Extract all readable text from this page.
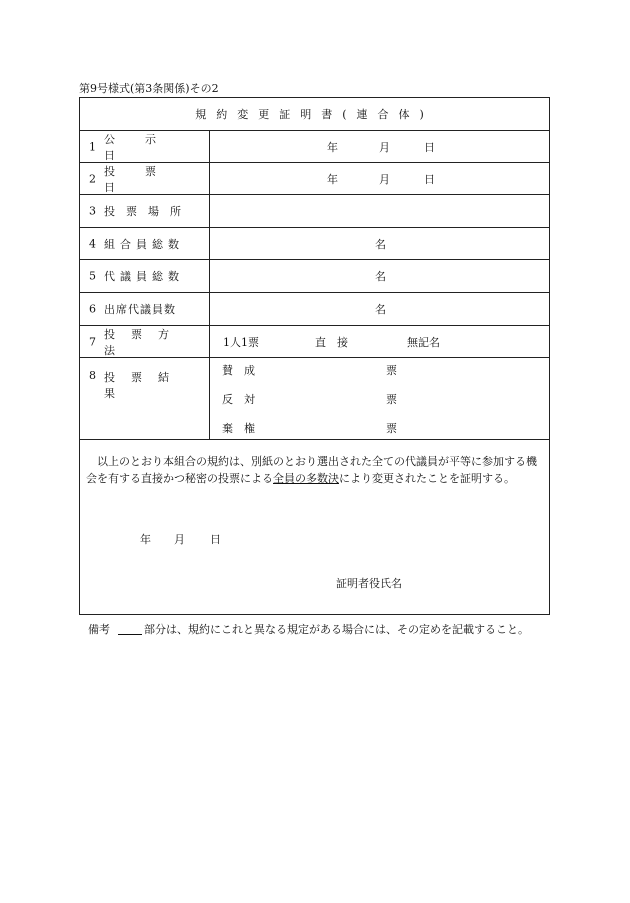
第9号様式(第3条関係)その2
規約変更証明書(連合体)
1
公示日
年	月	日
2
投票日
年	月	日
3 投票場所
4 組合員総数	名
5 代議員総数	名
6 出席代議員数	名
7
投票方法
1人1票	直　接	無記名
8 投票結果
賛　成	票
反　対	票
棄　権	票
以上のとおり本組合の規約は、別紙のとおり選出された全ての代議員が平等に参加する機会を有する直接かつ秘密の投票による全員の多数決により変更されたことを証明する。
年 月 日
証明者役氏名
備考	部分は、規約にこれと異なる規定がある場合には、その定めを記載すること。
